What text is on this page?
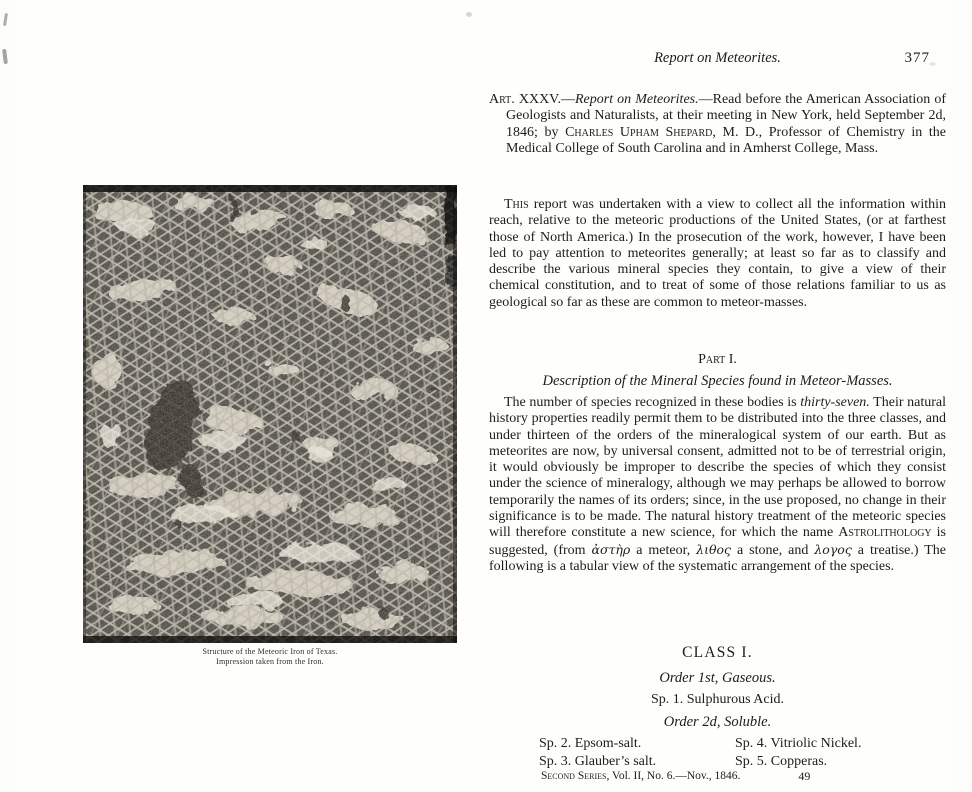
Structure of the Meteoric Iron of Texas.
Impression taken from the Iron.
Report on Meteorites.	377

Art. XXXV.—Report on Meteorites.—Read before the American Association of Geologists and Naturalists, at their meeting in New York, held September 2d, 1846; by Charles Upham Shepard, M. D., Professor of Chemistry in the Medical College of South Carolina and in Amherst College, Mass.

This report was undertaken with a view to collect all the information within reach, relative to the meteoric productions of the United States, (or at farthest those of North America.) In the prosecution of the work, however, I have been led to pay attention to meteorites generally; at least so far as to classify and describe the various mineral species they contain, to give a view of their chemical constitution, and to treat of some of those relations familiar to us as geological so far as these are common to meteor-masses.

Part I.
Description of the Mineral Species found in Meteor-Masses.

The number of species recognized in these bodies is thirty-seven. Their natural history properties readily permit them to be distributed into the three classes, and under thirteen of the orders of the mineralogical system of our earth. But as meteorites are now, by universal consent, admitted not to be of terrestrial origin, it would obviously be improper to describe the species of which they consist under the science of mineralogy, although we may perhaps be allowed to borrow temporarily the names of its orders; since, in the use proposed, no change in their significance is to be made. The natural history treatment of the meteoric species will therefore constitute a new science, for which the name Astrolithology is suggested, (from ἀστὴρ a meteor, λιθος a stone, and λογος a treatise.) The following is a tabular view of the systematic arrangement of the species.

CLASS I.
Order 1st, Gaseous.
Sp. 1. Sulphurous Acid.
Order 2d, Soluble.
Sp. 2. Epsom-salt.	Sp. 4. Vitriolic Nickel.
Sp. 3. Glauber’s salt.	Sp. 5. Copperas.
Second Series, Vol. II, No. 6.—Nov., 1846.	49
